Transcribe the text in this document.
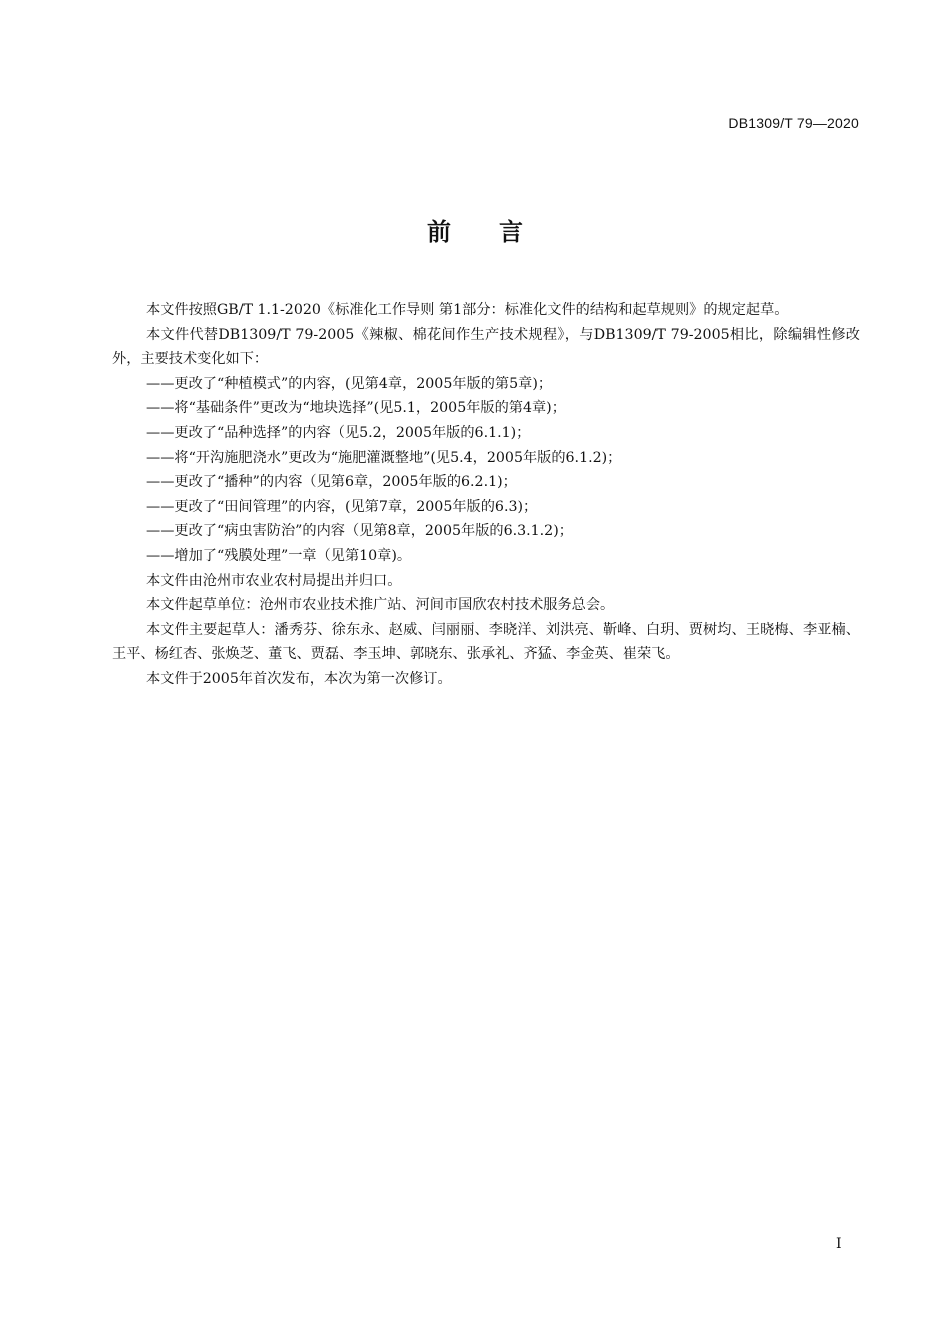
DB1309/T 79—2020
前言

本文件按照GB/T 1.1-2020《标准化工作导则 第1部分：标准化文件的结构和起草规则》的规定起草。

本文件代替DB1309/T 79-2005《辣椒、棉花间作生产技术规程》，与DB1309/T 79-2005相比，除编辑性修改外，主要技术变化如下：

——更改了“种植模式”的内容，(见第4章，2005年版的第5章)；

——将“基础条件”更改为“地块选择”(见5.1，2005年版的第4章)；

——更改了“品种选择”的内容（见5.2，2005年版的6.1.1)；

——将“开沟施肥浇水”更改为“施肥灌溉整地”(见5.4，2005年版的6.1.2)；

——更改了“播种”的内容（见第6章，2005年版的6.2.1)；

——更改了“田间管理”的内容，(见第7章，2005年版的6.3)；

——更改了“病虫害防治”的内容（见第8章，2005年版的6.3.1.2)；

——增加了“残膜处理”一章（见第10章)。

本文件由沧州市农业农村局提出并归口。

本文件起草单位：沧州市农业技术推广站、河间市国欣农村技术服务总会。

本文件主要起草人：潘秀芬、徐东永、赵威、闫丽丽、李晓洋、刘洪亮、靳峰、白玥、贾树均、王晓梅、李亚楠、王平、杨红杏、张焕芝、董飞、贾磊、李玉坤、郭晓东、张承礼、齐猛、李金英、崔荣飞。

本文件于2005年首次发布，本次为第一次修订。

I
